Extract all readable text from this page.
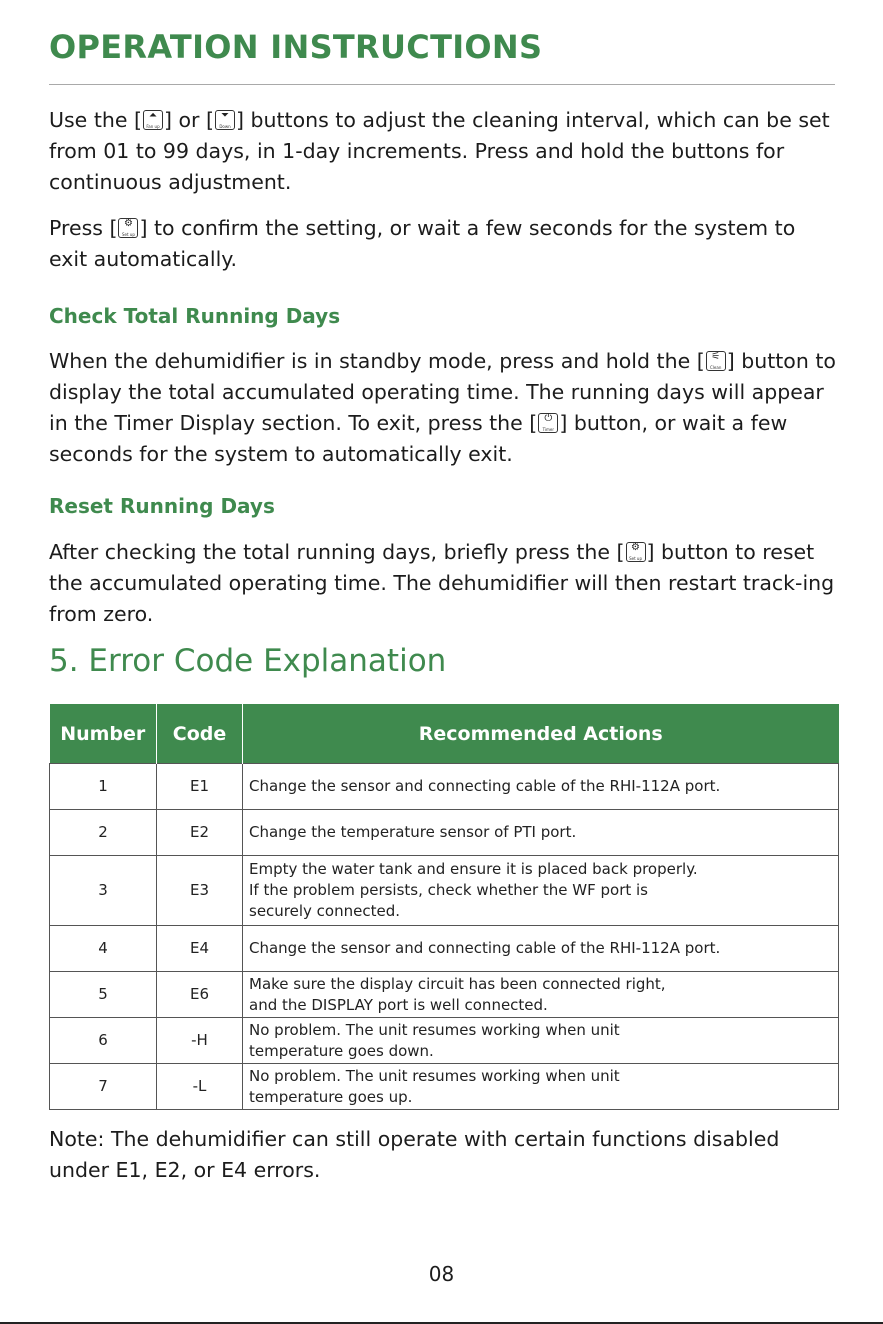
OPERATION INSTRUCTIONS
Use the [ ⏶
Fan up ] or [ ⏷
Down ] buttons to adjust the cleaning interval, which can be set from 01 to 99 days, in 1-day increments. Press and hold the buttons for continuous adjustment.
Press [ ⚙
Set up ] to confirm the setting, or wait a few seconds for the system to exit automatically.
Check Total Running Days
When the dehumidifier is in standby mode, press and hold the [ ⚟
Clean ] button to display the total accumulated operating time. The running days will appear in the Timer Display section. To exit, press the [ ⏻
Timer ] button, or wait a few seconds for the system to automatically exit.
Reset Running Days
After checking the total running days, briefly press the [ ⚙
Set up ] button to reset the accumulated operating time. The dehumidifier will then restart track-ing from zero.
5. Error Code Explanation
Number	Code	Recommended Actions
1	E1	Change the sensor and connecting cable of the RHI-112A port.
2	E2	Change the temperature sensor of PTI port.
3	E3	Empty the water tank and ensure it is placed back properly.
If the problem persists, check whether the WF port is
securely connected.
4	E4	Change the sensor and connecting cable of the RHI-112A port.
5	E6	Make sure the display circuit has been connected right,
and the DISPLAY port is well connected.
6	-H	No problem. The unit resumes working when unit
temperature goes down.
7	-L	No problem. The unit resumes working when unit
temperature goes up.
Note: The dehumidifier can still operate with certain functions disabled under E1, E2, or E4 errors.
08
